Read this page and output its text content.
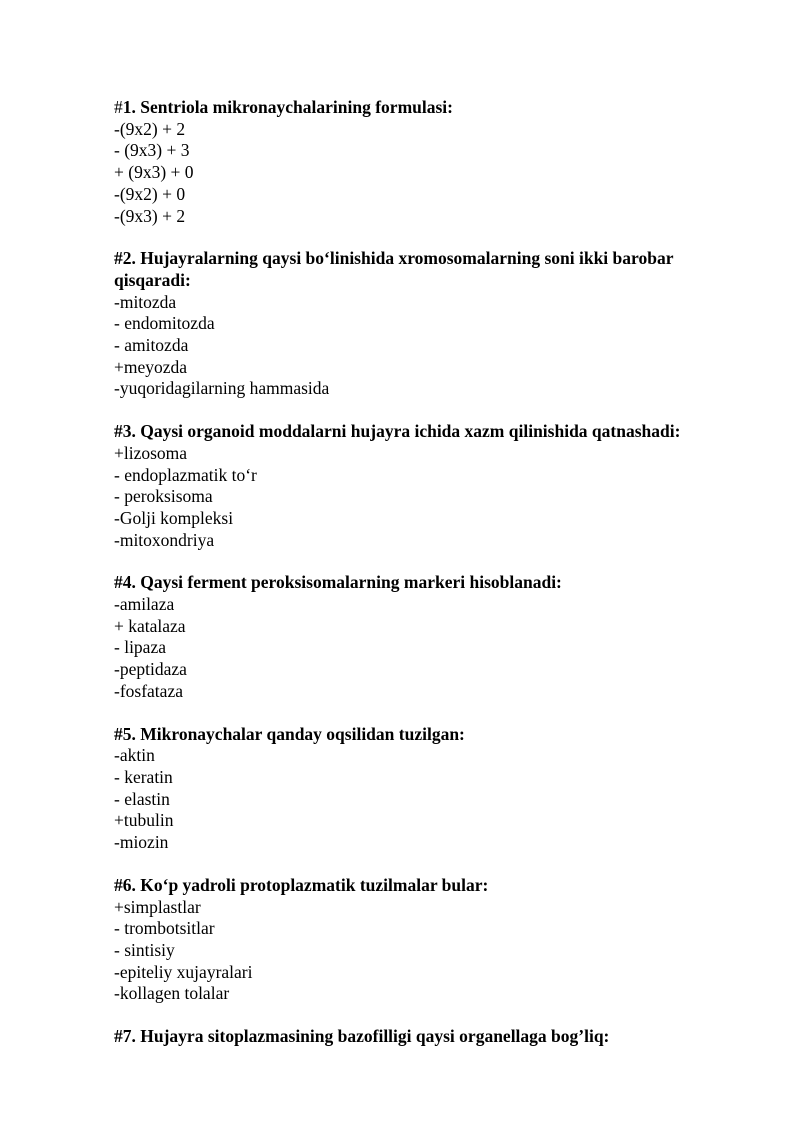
#1. Sentriola mikronaychalarining formulasi:

-(9x2) + 2

- (9x3) + 3

+ (9x3) + 0

-(9x2) + 0

-(9x3) + 2

#2. Hujayralarning qaysi bo‘linishida xromosomalarning soni ikki barobar qisqaradi:

-mitozda

- endomitozda

- amitozda

+meyozda

-yuqoridagilarning hammasida

#3. Qaysi organoid moddalarni hujayra ichida xazm qilinishida qatnashadi:

+lizosoma

- endoplazmatik to‘r

- peroksisoma

-Golji kompleksi

-mitoxondriya

#4. Qaysi ferment peroksisomalarning markeri hisoblanadi:

-amilaza

+ katalaza

- lipaza

-peptidaza

-fosfataza

#5. Mikronaychalar qanday oqsilidan tuzilgan:

-aktin

- keratin

- elastin

+tubulin

-miozin

#6. Ko‘p yadroli protoplazmatik tuzilmalar bular:

+simplastlar

- trombotsitlar

- sintisiy

-epiteliy xujayralari

-kollagen tolalar

#7. Hujayra sitoplazmasining bazofilligi qaysi organellaga bog’liq:
